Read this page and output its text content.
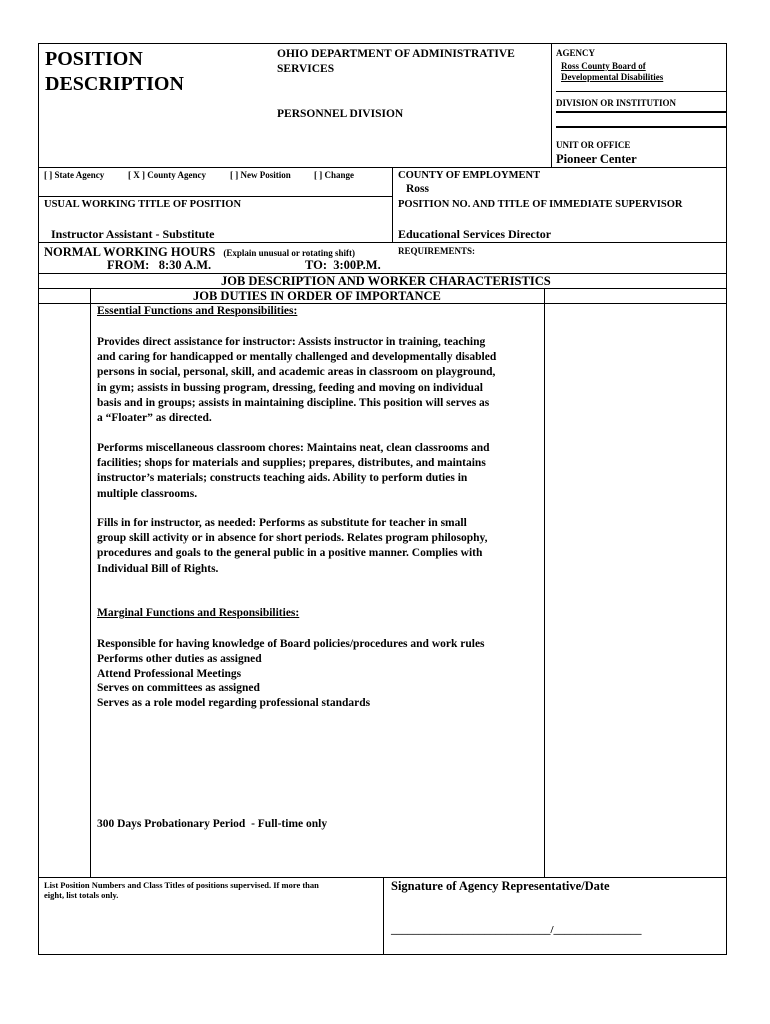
POSITION
DESCRIPTION
OHIO DEPARTMENT OF ADMINISTRATIVE
SERVICES
PERSONNEL DIVISION
AGENCY
Ross County Board of
Developmental Disabilities
DIVISION OR INSTITUTION
UNIT OR OFFICE
Pioneer Center
[ ] State Agency	[ X ] County Agency	[ ] New Position	[ ] Change	COUNTY OF EMPLOYMENT
Ross
USUAL WORKING TITLE OF POSITION
Instructor Assistant - Substitute
POSITION NO. AND TITLE OF IMMEDIATE SUPERVISOR
Educational Services Director
NORMAL WORKING HOURS (Explain unusual or rotating shift)	REQUIREMENTS:
FROM:   8:30 A.M.	TO:  3:00P.M.
JOB DESCRIPTION AND WORKER CHARACTERISTICS
JOB DUTIES IN ORDER OF IMPORTANCE
Essential Functions and Responsibilities:
Provides direct assistance for instructor: Assists instructor in training, teaching
and caring for handicapped or mentally challenged and developmentally disabled
persons in social, personal, skill, and academic areas in classroom on playground,
in gym; assists in bussing program, dressing, feeding and moving on individual
basis and in groups; assists in maintaining discipline. This position will serves as
a “Floater” as directed.
Performs miscellaneous classroom chores: Maintains neat, clean classrooms and
facilities; shops for materials and supplies; prepares, distributes, and maintains
instructor’s materials; constructs teaching aids. Ability to perform duties in
multiple classrooms.
Fills in for instructor, as needed: Performs as substitute for teacher in small
group skill activity or in absence for short periods. Relates program philosophy,
procedures and goals to the general public in a positive manner. Complies with
Individual Bill of Rights.
Marginal Functions and Responsibilities:
Responsible for having knowledge of Board policies/procedures and work rules
Performs other duties as assigned
Attend Professional Meetings
Serves on committees as assigned
Serves as a role model regarding professional standards
300 Days Probationary Period  - Full-time only
List Position Numbers and Class Titles of positions supervised. If more than
eight, list totals only.
Signature of Agency Representative/Date
_____________________________/________________
